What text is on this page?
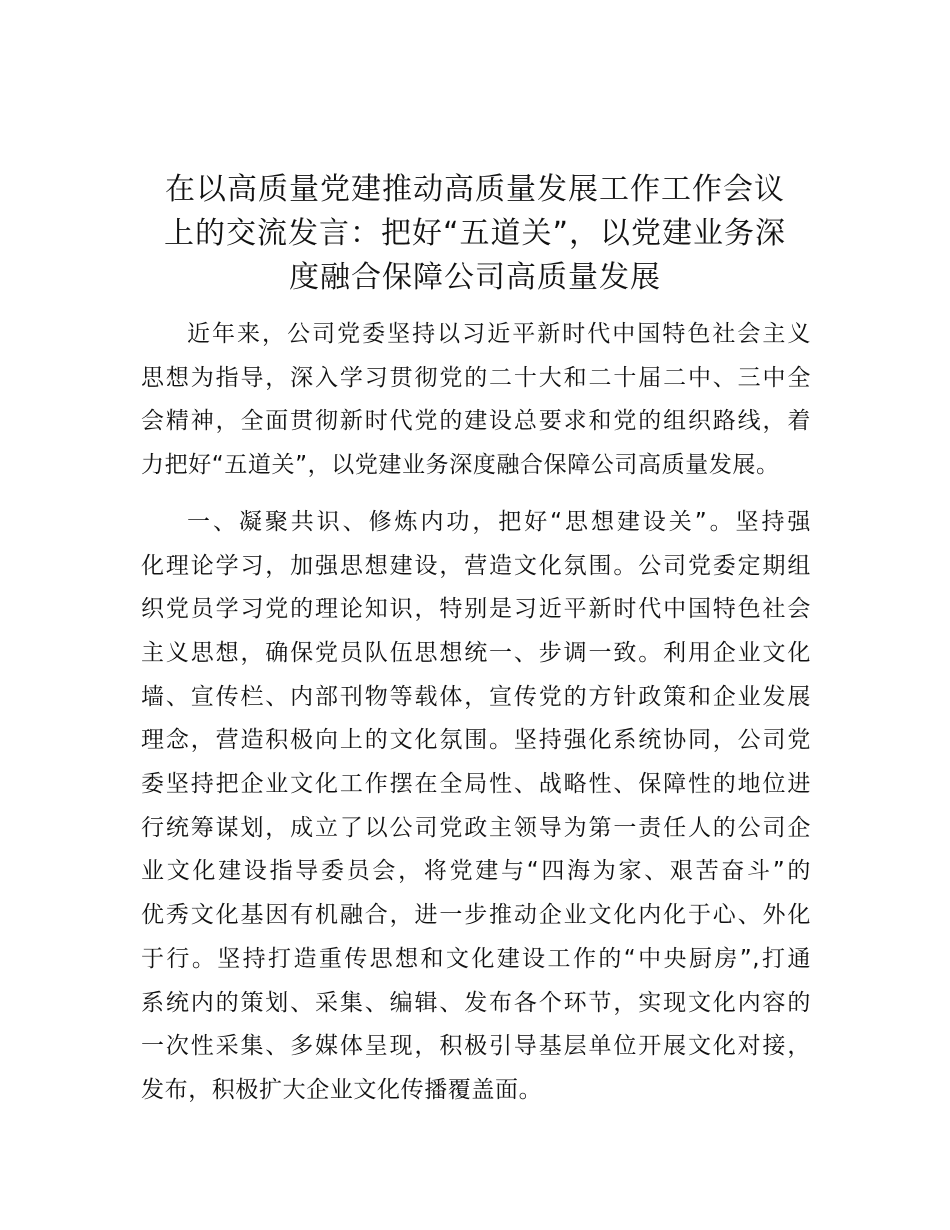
在以高质量党建推动高质量发展工作工作会议
上的交流发言：把好“五道关”，以党建业务深
度融合保障公司高质量发展

近年来，公司党委坚持以习近平新时代中国特色社会主义
思想为指导，深入学习贯彻党的二十大和二十届二中、三中全
会精神，全面贯彻新时代党的建设总要求和党的组织路线，着
力把好“五道关”，以党建业务深度融合保障公司高质量发展。

一、凝聚共识、修炼内功，把好“思想建设关”。坚持强
化理论学习，加强思想建设，营造文化氛围。公司党委定期组
织党员学习党的理论知识，特别是习近平新时代中国特色社会
主义思想，确保党员队伍思想统一、步调一致。利用企业文化
墙、宣传栏、内部刊物等载体，宣传党的方针政策和企业发展
理念，营造积极向上的文化氛围。坚持强化系统协同，公司党
委坚持把企业文化工作摆在全局性、战略性、保障性的地位进
行统筹谋划，成立了以公司党政主领导为第一责任人的公司企
业文化建设指导委员会，将党建与“四海为家、艰苦奋斗”的
优秀文化基因有机融合，进一步推动企业文化内化于心、外化
于行。坚持打造重传思想和文化建设工作的“中央厨房”,打通
系统内的策划、采集、编辑、发布各个环节，实现文化内容的
一次性采集、多媒体呈现，积极引导基层单位开展文化对接，
发布，积极扩大企业文化传播覆盖面。
